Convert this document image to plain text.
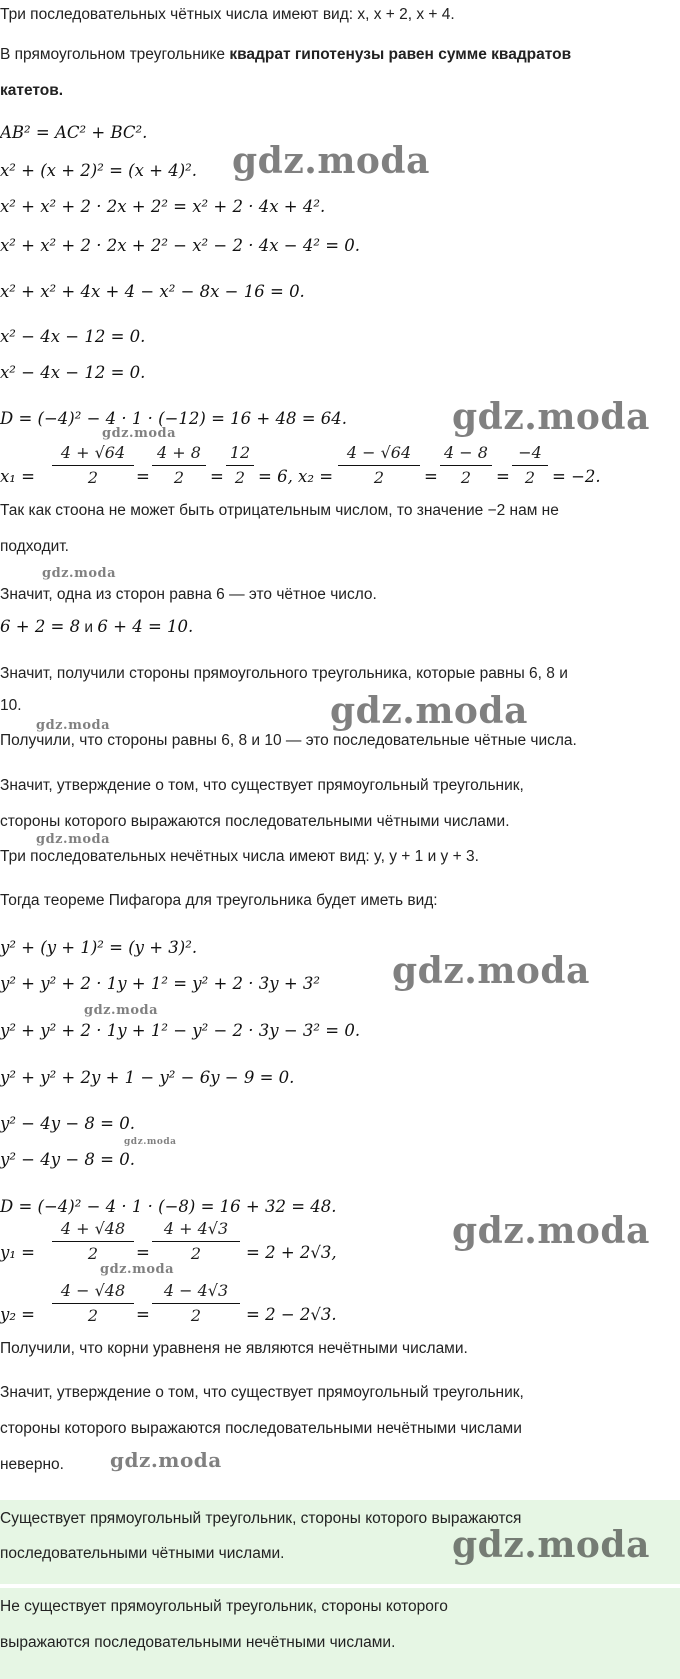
Три последовательных чётных числа имеют вид: x, x + 2, x + 4.
В прямоугольном треугольнике квадрат гипотенузы равен сумме квадратов
катетов.
AB² = AC² + BC².
x² + (x + 2)² = (x + 4)².
x² + x² + 2 · 2x + 2² = x² + 2 · 4x + 4².
x² + x² + 2 · 2x + 2² − x² − 2 · 4x − 4² = 0.
x² + x² + 4x + 4 − x² − 8x − 16 = 0.
x² − 4x − 12 = 0.
x² − 4x − 12 = 0.
D = (−4)² − 4 · 1 · (−12) = 16 + 48 = 64.
x₁ =
4 + √64
2	=
4 + 8
2	=
12
2 = 6, x₂ =
4 − √64
2	=
4 − 8
2	=
−4
2	= −2.
Так как стоона не может быть отрицательным числом, то значение −2 нам не
подходит.
Значит, одна из сторон равна 6 — это чётное число.
6 + 2 = 8 и 6 + 4 = 10.
Значит, получили стороны прямоугольного треугольника, которые равны 6, 8 и
10.
Получили, что стороны равны 6, 8 и 10 — это последовательные чётные числа.
Значит, утверждение о том, что существует прямоугольный треугольник,
стороны которого выражаются последовательными чётными числами.
Три последовательных нечётных числа имеют вид: y, y + 1 и y + 3.
Тогда теореме Пифагора для треугольника будет иметь вид:
y² + (y + 1)² = (y + 3)².
y² + y² + 2 · 1y + 1² = y² + 2 · 3y + 3²
y² + y² + 2 · 1y + 1² − y² − 2 · 3y − 3² = 0.
y² + y² + 2y + 1 − y² − 6y − 9 = 0.
y² − 4y − 8 = 0.
y² − 4y − 8 = 0.
D = (−4)² − 4 · 1 · (−8) = 16 + 32 = 48.
y₁ =
4 + √48
2	=
4 + 4√3
2	= 2 + 2√3,
y₂ =
4 − √48
2	=
4 − 4√3
2	= 2 − 2√3.
Получили, что корни уравненя не являются нечётными числами.
Значит, утверждение о том, что существует прямоугольный треугольник,
стороны которого выражаются последовательными нечётными числами
неверно.
Существует прямоугольный треугольник, стороны которого выражаются
последовательными чётными числами.
Не существует прямоугольный треугольник, стороны которого
выражаются последовательными нечётными числами.
gdz.moda
gdz.moda
gdz.moda
gdz.moda
gdz.moda	gdz.moda
gdz.moda
gdz.moda
gdz.moda
gdz.moda
gdz.moda
gdz.moda
gdz.moda
gdz.moda
